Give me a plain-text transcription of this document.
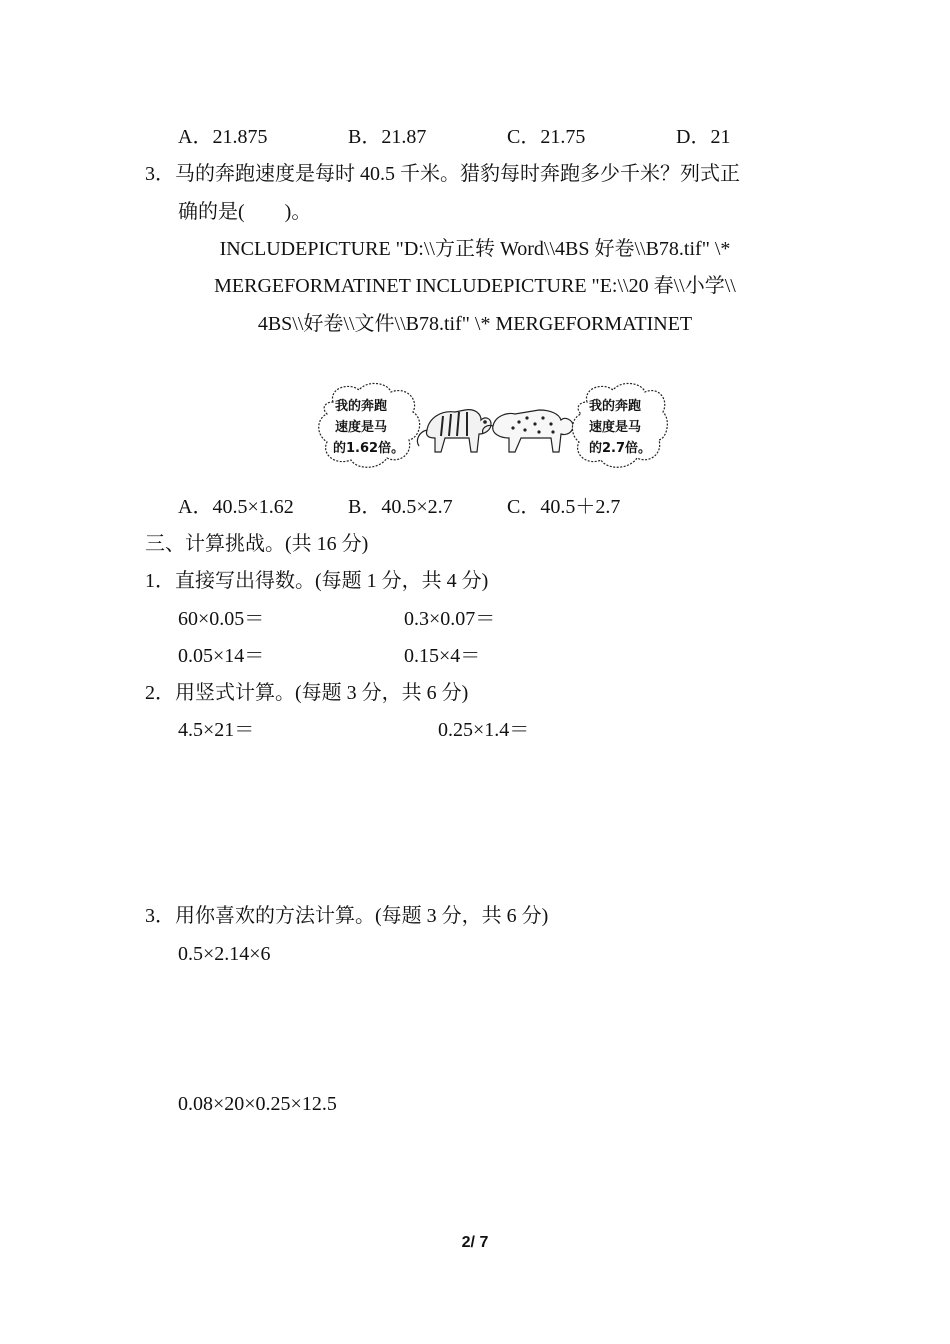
A．21.875	B．21.87	C．21.75	D．21
3．马的奔跑速度是每时 40.5 千米。猎豹每时奔跑多少千米？列式正
确的是(　　)。
INCLUDEPICTURE "D:\\方正转 Word\\4BS 好卷\\B78.tif" \*
MERGEFORMATINET INCLUDEPICTURE "E:\\20 春\\小学\\
4BS\\好卷\\文件\\B78.tif" \* MERGEFORMATINET
我的奔跑
速度是马
的1.62倍。
我的奔跑
速度是马
的2.7倍。
A．40.5×1.62	B．40.5×2.7	C．40.5＋2.7
三、计算挑战。(共 16 分)
1．直接写出得数。(每题 1 分，共 4 分)
60×0.05＝	0.3×0.07＝
0.05×14＝	0.15×4＝
2．用竖式计算。(每题 3 分，共 6 分)
4.5×21＝	0.25×1.4＝
3．用你喜欢的方法计算。(每题 3 分，共 6 分)
0.5×2.14×6
0.08×20×0.25×12.5
2/ 7
